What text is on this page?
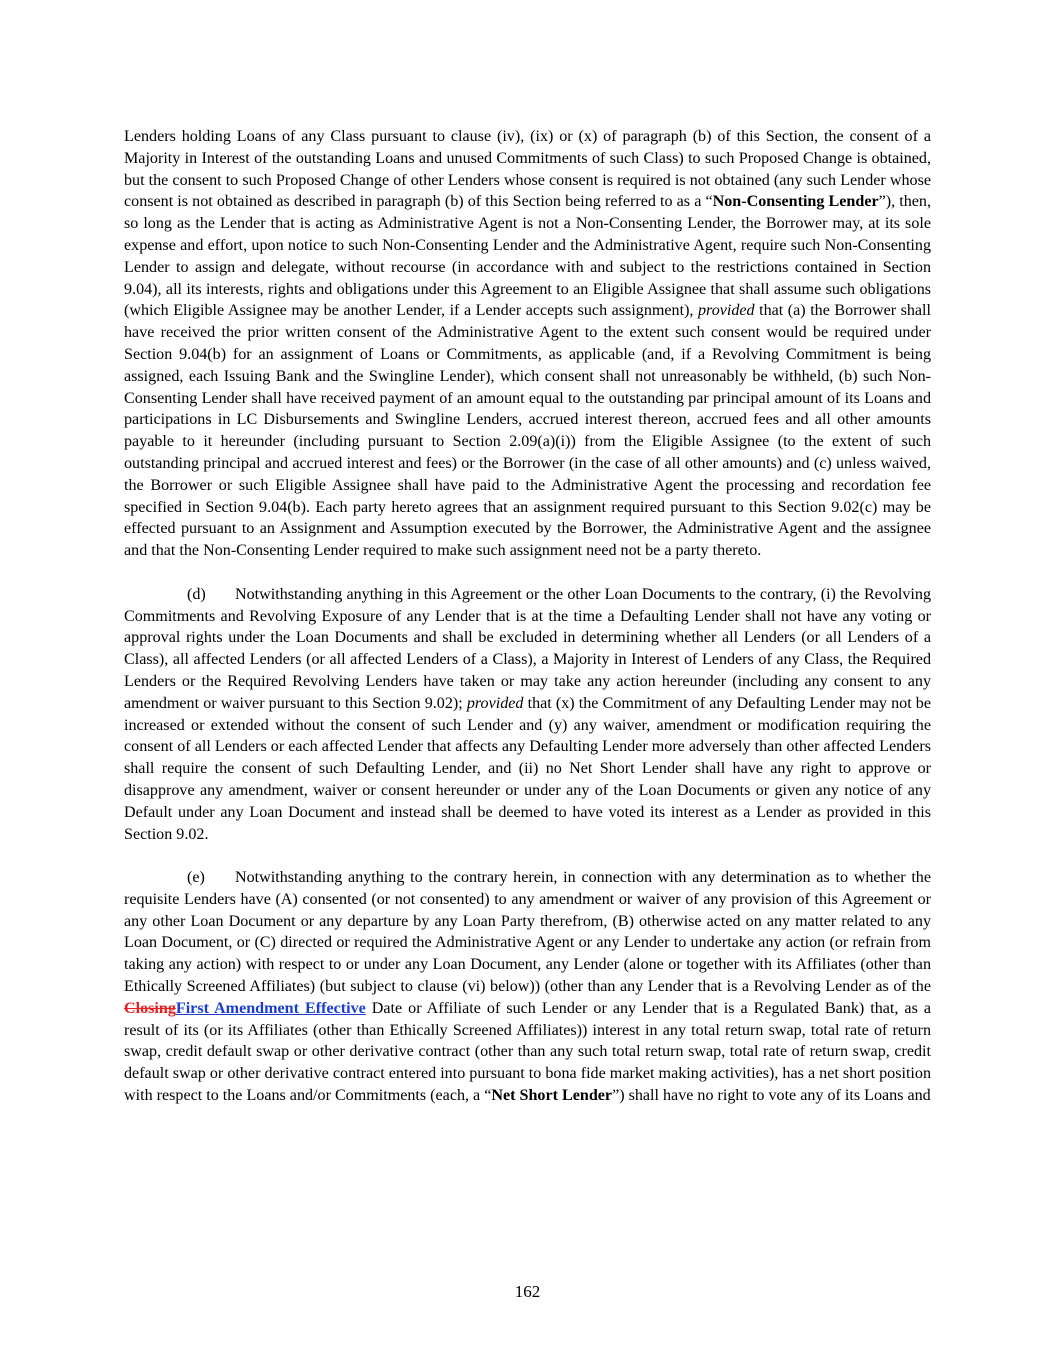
Lenders holding Loans of any Class pursuant to clause (iv), (ix) or (x) of paragraph (b) of this Section, the consent of a Majority in Interest of the outstanding Loans and unused Commitments of such Class) to such Proposed Change is obtained, but the consent to such Proposed Change of other Lenders whose consent is required is not obtained (any such Lender whose consent is not obtained as described in paragraph (b) of this Section being referred to as a “Non-Consenting Lender”), then, so long as the Lender that is acting as Administrative Agent is not a Non-Consenting Lender, the Borrower may, at its sole expense and effort, upon notice to such Non-Consenting Lender and the Administrative Agent, require such Non-Consenting Lender to assign and delegate, without recourse (in accordance with and subject to the restrictions contained in Section 9.04), all its interests, rights and obligations under this Agreement to an Eligible Assignee that shall assume such obligations (which Eligible Assignee may be another Lender, if a Lender accepts such assignment), provided that (a) the Borrower shall have received the prior written consent of the Administrative Agent to the extent such consent would be required under Section 9.04(b) for an assignment of Loans or Commitments, as applicable (and, if a Revolving Commitment is being assigned, each Issuing Bank and the Swingline Lender), which consent shall not unreasonably be withheld, (b) such Non-Consenting Lender shall have received payment of an amount equal to the outstanding par principal amount of its Loans and participations in LC Disbursements and Swingline Lenders, accrued interest thereon, accrued fees and all other amounts payable to it hereunder (including pursuant to Section 2.09(a)(i)) from the Eligible Assignee (to the extent of such outstanding principal and accrued interest and fees) or the Borrower (in the case of all other amounts) and (c) unless waived, the Borrower or such Eligible Assignee shall have paid to the Administrative Agent the processing and recordation fee specified in Section 9.04(b). Each party hereto agrees that an assignment required pursuant to this Section 9.02(c) may be effected pursuant to an Assignment and Assumption executed by the Borrower, the Administrative Agent and the assignee and that the Non-Consenting Lender required to make such assignment need not be a party thereto.

(d) Notwithstanding anything in this Agreement or the other Loan Documents to the contrary, (i) the Revolving Commitments and Revolving Exposure of any Lender that is at the time a Defaulting Lender shall not have any voting or approval rights under the Loan Documents and shall be excluded in determining whether all Lenders (or all Lenders of a Class), all affected Lenders (or all affected Lenders of a Class), a Majority in Interest of Lenders of any Class, the Required Lenders or the Required Revolving Lenders have taken or may take any action hereunder (including any consent to any amendment or waiver pursuant to this Section 9.02); provided that (x) the Commitment of any Defaulting Lender may not be increased or extended without the consent of such Lender and (y) any waiver, amendment or modification requiring the consent of all Lenders or each affected Lender that affects any Defaulting Lender more adversely than other affected Lenders shall require the consent of such Defaulting Lender, and (ii) no Net Short Lender shall have any right to approve or disapprove any amendment, waiver or consent hereunder or under any of the Loan Documents or given any notice of any Default under any Loan Document and instead shall be deemed to have voted its interest as a Lender as provided in this Section 9.02.

(e) Notwithstanding anything to the contrary herein, in connection with any determination as to whether the requisite Lenders have (A) consented (or not consented) to any amendment or waiver of any provision of this Agreement or any other Loan Document or any departure by any Loan Party therefrom, (B) otherwise acted on any matter related to any Loan Document, or (C) directed or required the Administrative Agent or any Lender to undertake any action (or refrain from taking any action) with respect to or under any Loan Document, any Lender (alone or together with its Affiliates (other than Ethically Screened Affiliates) (but subject to clause (vi) below)) (other than any Lender that is a Revolving Lender as of the ClosingFirst Amendment Effective Date or Affiliate of such Lender or any Lender that is a Regulated Bank) that, as a result of its (or its Affiliates (other than Ethically Screened Affiliates)) interest in any total return swap, total rate of return swap, credit default swap or other derivative contract (other than any such total return swap, total rate of return swap, credit default swap or other derivative contract entered into pursuant to bona fide market making activities), has a net short position with respect to the Loans and/or Commitments (each, a “Net Short Lender”) shall have no right to vote any of its Loans and

162
